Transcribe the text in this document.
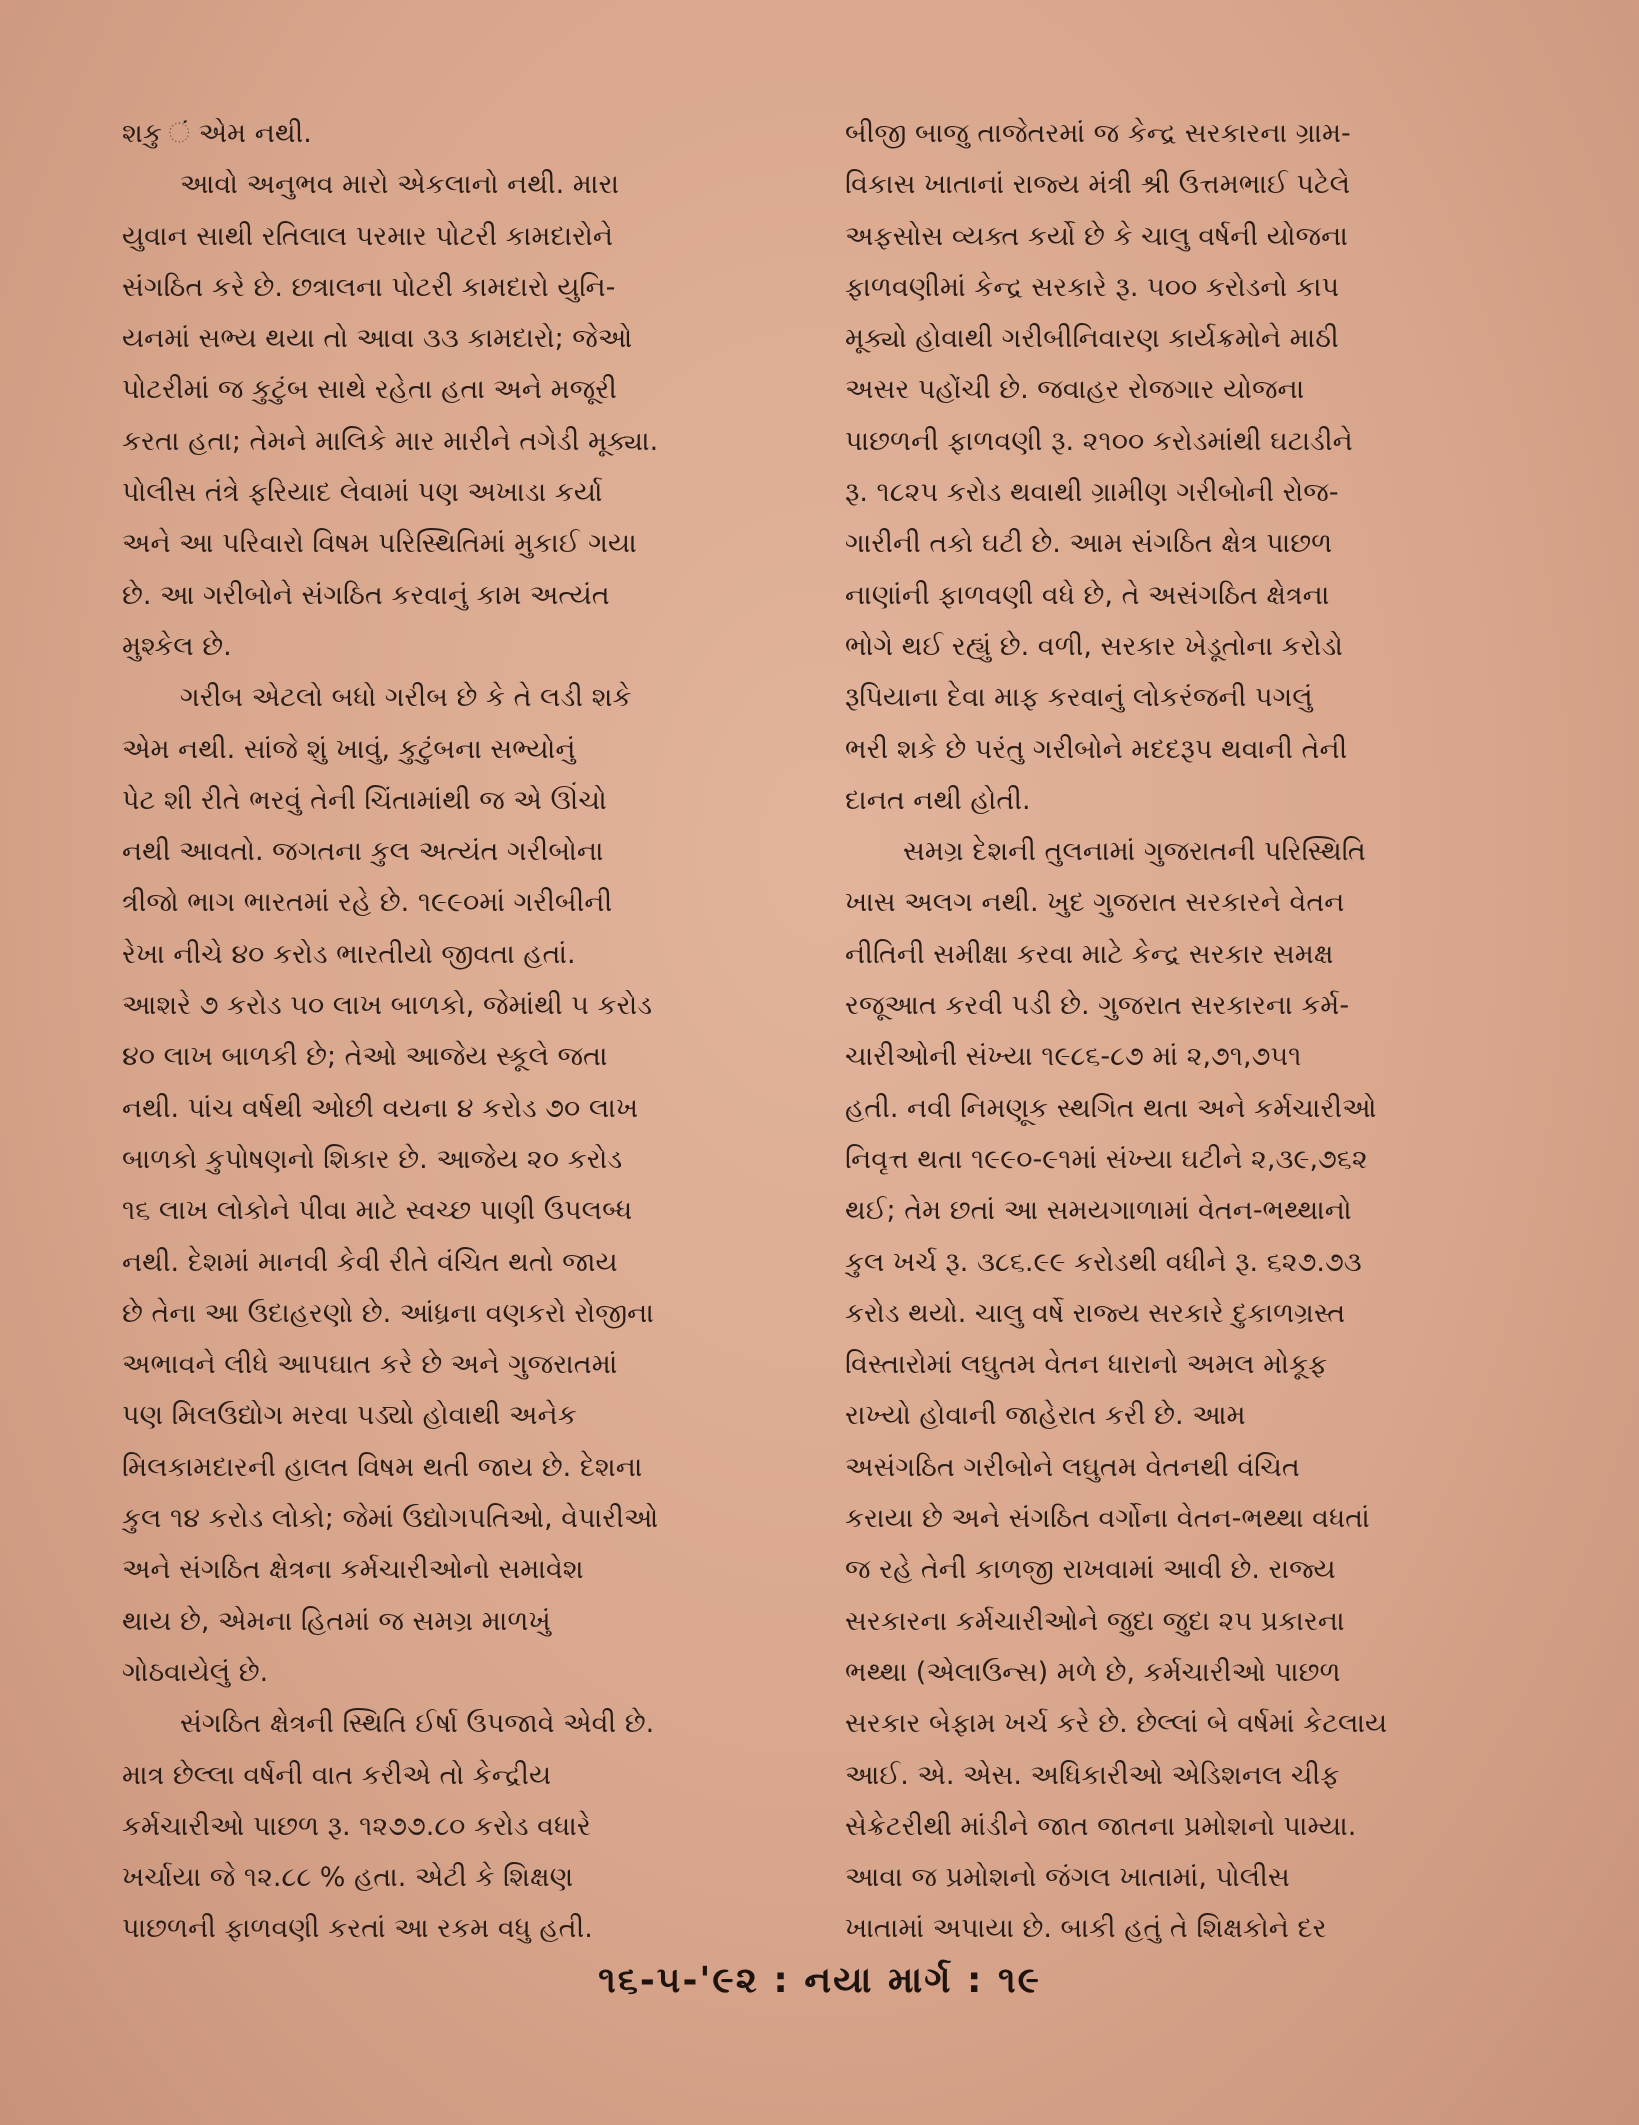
શકુ ં એમ નથી.
આવો અનુભવ મારો એકલાનો નથી. મારા
યુવાન સાથી રતિલાલ પરમાર પોટરી કામદારોને
સંગઠિત કરે છે. છત્રાલના પોટરી કામદારો યુનિ-
યનમાં સભ્ય થયા તો આવા ૩૩ કામદારો; જેઓ
પોટરીમાં જ કુટુંબ સાથે રહેતા હતા અને મજૂરી
કરતા હતા; તેમને માલિકે માર મારીને તગેડી મૂક્યા.
પોલીસ તંત્રે ફરિયાદ લેવામાં પણ અખાડા કર્યા
અને આ પરિવારો વિષમ પરિસ્થિતિમાં મુકાઈ ગયા
છે. આ ગરીબોને સંગઠિત કરવાનું કામ અત્યંત
મુશ્કેલ છે.
ગરીબ એટલો બધો ગરીબ છે કે તે લડી શકે
એમ નથી. સાંજે શું ખાવું, કુટુંબના સભ્યોનું
પેટ શી રીતે ભરવું તેની ચિંતામાંથી જ એ ઊંચો
નથી આવતો. જગતના કુલ અત્યંત ગરીબોના
ત્રીજો ભાગ ભારતમાં રહે છે. ૧૯૯૦માં ગરીબીની
રેખા નીચે ૪૦ કરોડ ભારતીયો જીવતા હતાં.
આશરે ૭ કરોડ ૫૦ લાખ બાળકો, જેમાંથી ૫ કરોડ
૪૦ લાખ બાળકી છે; તેઓ આજેય સ્કૂલે જતા
નથી. પાંચ વર્ષથી ઓછી વયના ૪ કરોડ ૭૦ લાખ
બાળકો કુપોષણનો શિકાર છે. આજેય ૨૦ કરોડ
૧૬ લાખ લોકોને પીવા માટે સ્વચ્છ પાણી ઉપલબ્ધ
નથી. દેશમાં માનવી કેવી રીતે વંચિત થતો જાય
છે તેના આ ઉદાહરણો છે. આંધ્રના વણકરો રોજીના
અભાવને લીધે આપઘાત કરે છે અને ગુજરાતમાં
પણ મિલઉદ્યોગ મરવા પડ્યો હોવાથી અનેક
મિલકામદારની હાલત વિષમ થતી જાય છે. દેશના
કુલ ૧૪ કરોડ લોકો; જેમાં ઉદ્યોગપતિઓ, વેપારીઓ
અને સંગઠિત ક્ષેત્રના કર્મચારીઓનો સમાવેશ
થાય છે, એમના હિતમાં જ સમગ્ર માળખું
ગોઠવાયેલું છે.
સંગઠિત ક્ષેત્રની સ્થિતિ ઈર્ષા ઉપજાવે એવી છે.
માત્ર છેલ્લા વર્ષની વાત કરીએ તો કેન્દ્રીય
કર્મચારીઓ પાછળ રૂ. ૧૨૭૭.૮૦ કરોડ વધારે
ખર્ચાયા જે ૧૨.૮૮ % હતા. એટી કે શિક્ષણ
પાછળની ફાળવણી કરતાં આ રકમ વધુ હતી.
બીજી બાજુ તાજેતરમાં જ કેન્દ્ર સરકારના ગ્રામ-
વિકાસ ખાતાનાં રાજ્ય મંત્રી શ્રી ઉત્તમભાઈ પટેલે
અફસોસ વ્યક્ત કર્યો છે કે ચાલુ વર્ષની યોજના
ફાળવણીમાં કેન્દ્ર સરકારે રૂ. ૫૦૦ કરોડનો કાપ
મૂક્યો હોવાથી ગરીબીનિવારણ કાર્યક્રમોને માઠી
અસર પહોંચી છે. જવાહર રોજગાર યોજના
પાછળની ફાળવણી રૂ. ૨૧૦૦ કરોડમાંથી ઘટાડીને
રૂ. ૧૮૨૫ કરોડ થવાથી ગ્રામીણ ગરીબોની રોજ-
ગારીની તકો ઘટી છે. આમ સંગઠિત ક્ષેત્ર પાછળ
નાણાંની ફાળવણી વધે છે, તે અસંગઠિત ક્ષેત્રના
ભોગે થઈ રહ્યું છે. વળી, સરકાર ખેડૂતોના કરોડો
રૂપિયાના દેવા માફ કરવાનું લોકરંજની પગલું
ભરી શકે છે પરંતુ ગરીબોને મદદરૂપ થવાની તેની
દાનત નથી હોતી.
સમગ્ર દેશની તુલનામાં ગુજરાતની પરિસ્થિતિ
ખાસ અલગ નથી. ખુદ ગુજરાત સરકારને વેતન
નીતિની સમીક્ષા કરવા માટે કેન્દ્ર સરકાર સમક્ષ
રજૂઆત કરવી પડી છે. ગુજરાત સરકારના કર્મ-
ચારીઓની સંખ્યા ૧૯૮૬-૮૭ માં ૨,૭૧,૭૫૧
હતી. નવી નિમણૂક સ્થગિત થતા અને કર્મચારીઓ
નિવૃત્ત થતા ૧૯૯૦-૯૧માં સંખ્યા ઘટીને ૨,૩૯,૭૬૨
થઈ; તેમ છતાં આ સમયગાળામાં વેતન-ભથ્થાનો
કુલ ખર્ચ રૂ. ૩૮૬.૯૯ કરોડથી વધીને રૂ. ૬૨૭.૭૩
કરોડ થયો. ચાલુ વર્ષે રાજ્ય સરકારે દુકાળગ્રસ્ત
વિસ્તારોમાં લઘુતમ વેતન ધારાનો અમલ મોકૂફ
રાખ્યો હોવાની જાહેરાત કરી છે. આમ
અસંગઠિત ગરીબોને લઘુતમ વેતનથી વંચિત
કરાયા છે અને સંગઠિત વર્ગોના વેતન-ભથ્થા વધતાં
જ રહે તેની કાળજી રાખવામાં આવી છે. રાજ્ય
સરકારના કર્મચારીઓને જુદા જુદા ૨૫ પ્રકારના
ભથ્થા (એલાઉન્સ) મળે છે, કર્મચારીઓ પાછળ
સરકાર બેફામ ખર્ચ કરે છે. છેલ્લાં બે વર્ષમાં કેટલાય
આઈ. એ. એસ. અધિકારીઓ એડિશનલ ચીફ
સેક્રેટરીથી માંડીને જાત જાતના પ્રમોશનો પામ્યા.
આવા જ પ્રમોશનો જંગલ ખાતામાં, પોલીસ
ખાતામાં અપાયા છે. બાકી હતું તે શિક્ષકોને દર
૧૬-૫-'૯૨ : નયા માર્ગ : ૧૯
